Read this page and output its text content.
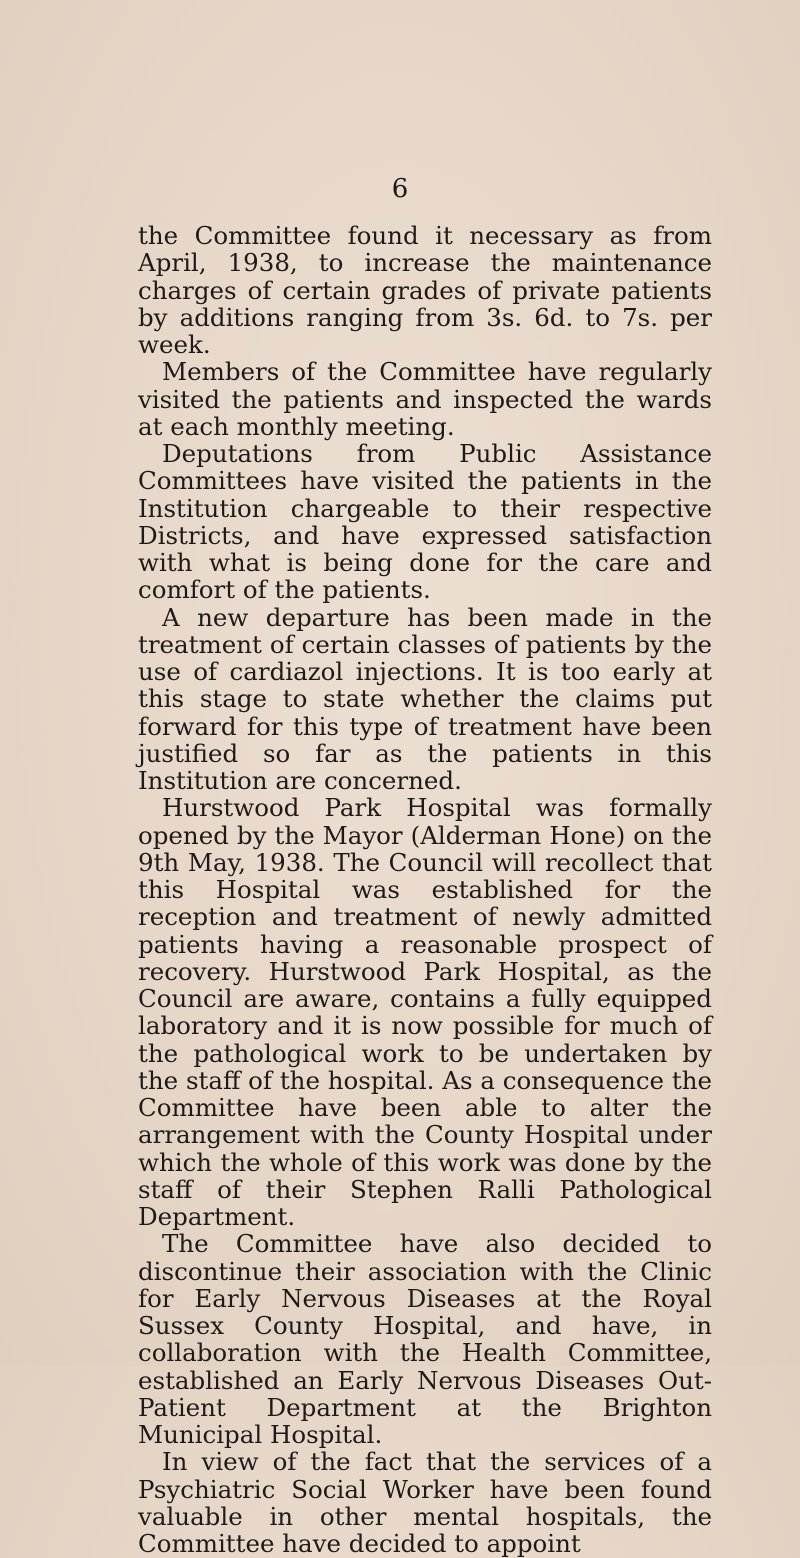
6

the Committee found it necessary as from April, 1938, to increase the maintenance charges of certain grades of private patients by additions ranging from 3s. 6d. to 7s. per week.

Members of the Committee have regularly visited the patients and inspected the wards at each monthly meeting.

Deputations from Public Assistance Committees have visited the patients in the Institution chargeable to their respective Districts, and have expressed satisfaction with what is being done for the care and comfort of the patients.

A new departure has been made in the treatment of certain classes of patients by the use of cardiazol injections. It is too early at this stage to state whether the claims put forward for this type of treatment have been justified so far as the patients in this Institution are concerned.

Hurstwood Park Hospital was formally opened by the Mayor (Alderman Hone) on the 9th May, 1938. The Council will recollect that this Hospital was established for the reception and treatment of newly admitted patients having a reasonable prospect of recovery. Hurstwood Park Hospital, as the Council are aware, contains a fully equipped laboratory and it is now possible for much of the pathological work to be undertaken by the staff of the hospital. As a consequence the Committee have been able to alter the arrangement with the County Hospital under which the whole of this work was done by the staff of their Stephen Ralli Pathological Department.

The Committee have also decided to discontinue their association with the Clinic for Early Nervous Diseases at the Royal Sussex County Hospital, and have, in collaboration with the Health Committee, established an Early Nervous Diseases Out-Patient Department at the Brighton Municipal Hospital.

In view of the fact that the services of a Psychiatric Social Worker have been found valuable in other mental hospitals, the Committee have decided to appoint
